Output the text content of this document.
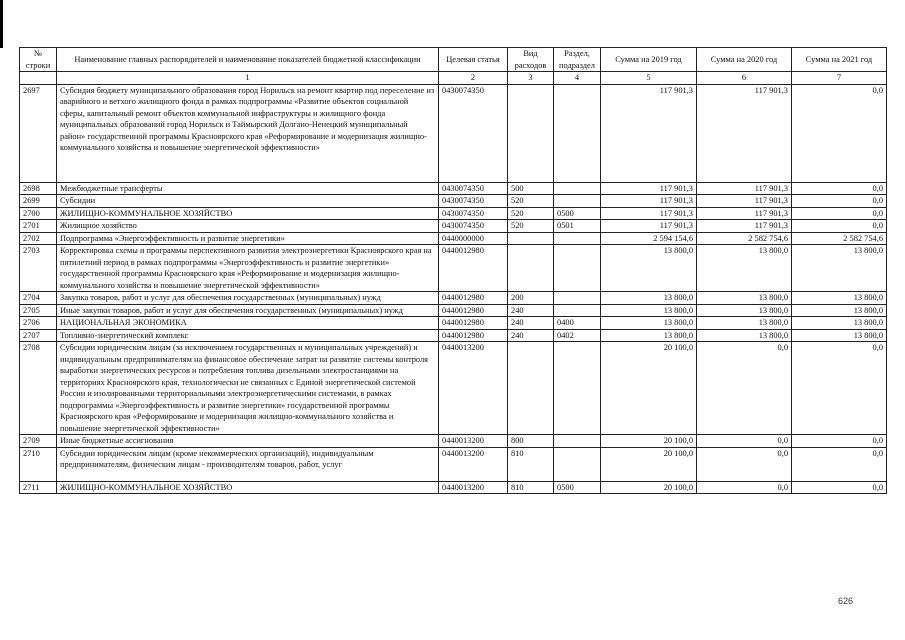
№ строки	Наименование главных распорядителей и наименование показателей бюджетной классификации	Целевая статья	Вид расходов	Раздел, подраздел	Сумма на 2019 год	Сумма на 2020 год	Сумма на 2021 год
	1	2	3	4	5	6	7
2697	Субсидия бюджету муниципального образования город Норильск на ремонт квартир под переселение из аварийного и ветхого жилищного фонда в рамках подпрограммы «Развитие объектов социальной сферы, капитальный ремонт объектов коммунальной инфраструктуры и жилищного фонда муниципальных образований город Норильск и Таймырский Долгано-Ненецкий муниципальный район» государственной программы Красноярского края «Реформирование и модернизация жилищно-коммунального хозяйства и повышение энергетической эффективности»	0430074350			117 901,3	117 901,3	0,0
2698	Межбюджетные трансферты	0430074350	500		117 901,3	117 901,3	0,0
2699	Субсидии	0430074350	520		117 901,3	117 901,3	0,0
2700	ЖИЛИЩНО-КОММУНАЛЬНОЕ ХОЗЯЙСТВО	0430074350	520	0500	117 901,3	117 901,3	0,0
2701	Жилищное хозяйство	0430074350	520	0501	117 901,3	117 901,3	0,0
2702	Подпрограмма «Энергоэффективность и развитие энергетики»	0440000000			2 594 154,6	2 582 754,6	2 582 754,6
2703	Корректировка схемы и программы перспективного развития электроэнергетики Красноярского края на пятилетний период в рамках подпрограммы «Энергоэффективность и развитие энергетики» государственной программы Красноярского края «Реформирование и модернизация жилищно-коммунального хозяйства и повышение энергетической эффективности»	0440012980			13 800,0	13 800,0	13 800,0
2704	Закупка товаров, работ и услуг для обеспечения государственных (муниципальных) нужд	0440012980	200		13 800,0	13 800,0	13 800,0
2705	Иные закупки товаров, работ и услуг для обеспечения государственных (муниципальных) нужд	0440012980	240		13 800,0	13 800,0	13 800,0
2706	НАЦИОНАЛЬНАЯ ЭКОНОМИКА	0440012980	240	0400	13 800,0	13 800,0	13 800,0
2707	Топливно-энергетический комплекс	0440012980	240	0402	13 800,0	13 800,0	13 800,0
2708	Субсидии юридическим лицам (за исключением государственных и муниципальных учреждений) и индивидуальным предпринимателям на финансовое обеспечение затрат на развитие системы контроля выработки энергетических ресурсов и потребления топлива дизельными электростанциями на территориях Красноярского края, технологически не связанных с Единой энергетической системой России и изолированными территориальными электроэнергетическими системами, в рамках подпрограммы «Энергоэффективность и развитие энергетики» государственной программы Красноярского края «Реформирование и модернизация жилищно-коммунального хозяйства и повышение энергетической эффективности»	0440013200			20 100,0	0,0	0,0
2709	Иные бюджетные ассигнования	0440013200	800		20 100,0	0,0	0,0
2710	Субсидии юридическим лицам (кроме некоммерческих организаций), индивидуальным предпринимателям, физическим лицам - производителям товаров, работ, услуг	0440013200	810		20 100,0	0,0	0,0
2711	ЖИЛИЩНО-КОММУНАЛЬНОЕ ХОЗЯЙСТВО	0440013200	810	0500	20 100,0	0,0	0,0
626
